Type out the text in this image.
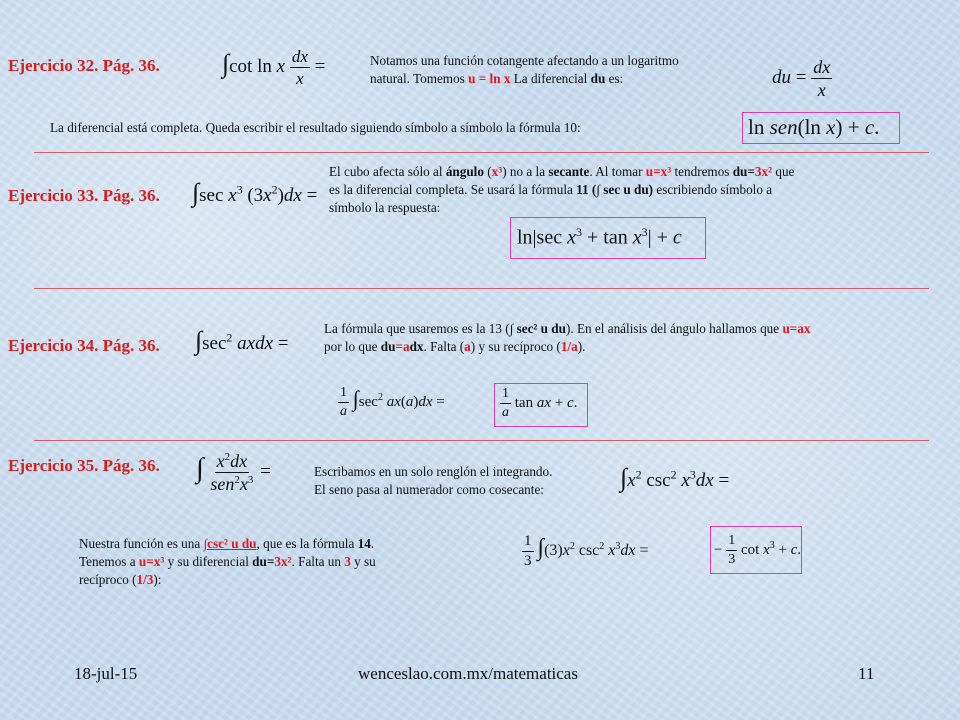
Ejercicio 32. Pág. 36. ∫cot ln x $\frac{dx}{x}$ =	Notamos una función cotangente afectando a un logaritmo
natural. Tomemos u = ln x La diferencial du es:	du = $\frac{dx}{x}$
La diferencial está completa. Queda escribir el resultado siguiendo símbolo a símbolo la fórmula 10:	ln sen(ln x) + c.
Ejercicio 33. Pág. 36. ∫sec $x^3$ $(3x^2)dx$ =
El cubo afecta sólo al ángulo (x³) no a la secante. Al tomar u=x³ tendremos du=3x² que
es la diferencial completa. Se usará la fórmula 11 (∫ sec u du) escribiendo símbolo a
símbolo la respuesta:
ln|sec $x^3 + \tan x^3| + c$
Ejercicio 34. Pág. 36. $\int\sec^2$ axdx =
La fórmula que usaremos es la 13 (∫ sec² u du). En el análisis del ángulo hallamos que u=ax
por lo que du=adx. Falta (a) y su recíproco (1/a).
$\frac{1}{a} \int\sec^2$ ax(a)dx =	$\frac{1}{a}$ tan ax + c.
Ejercicio 35. Pág. 36. ∫ $\frac{x^2dx}{sen^2x^3}$ =	Escribamos en un solo renglón el integrando.
El seno pasa al numerador como cosecante:	$\int x^2$ $\csc^2 x^3dx$ =
Nuestra función es una ∫csc² u du, que es la fórmula 14.
Tenemos a u=x³ y su diferencial du=3x². Falta un 3 y su
recíproco (1/3):
$\frac{1}{3} \int(3)x^2$ $\csc^2 x^3dx$ =	− $\frac{1}{3}$ $\cot x^3 + c$.
18-jul-15	wenceslao.com.mx/matematicas	11
